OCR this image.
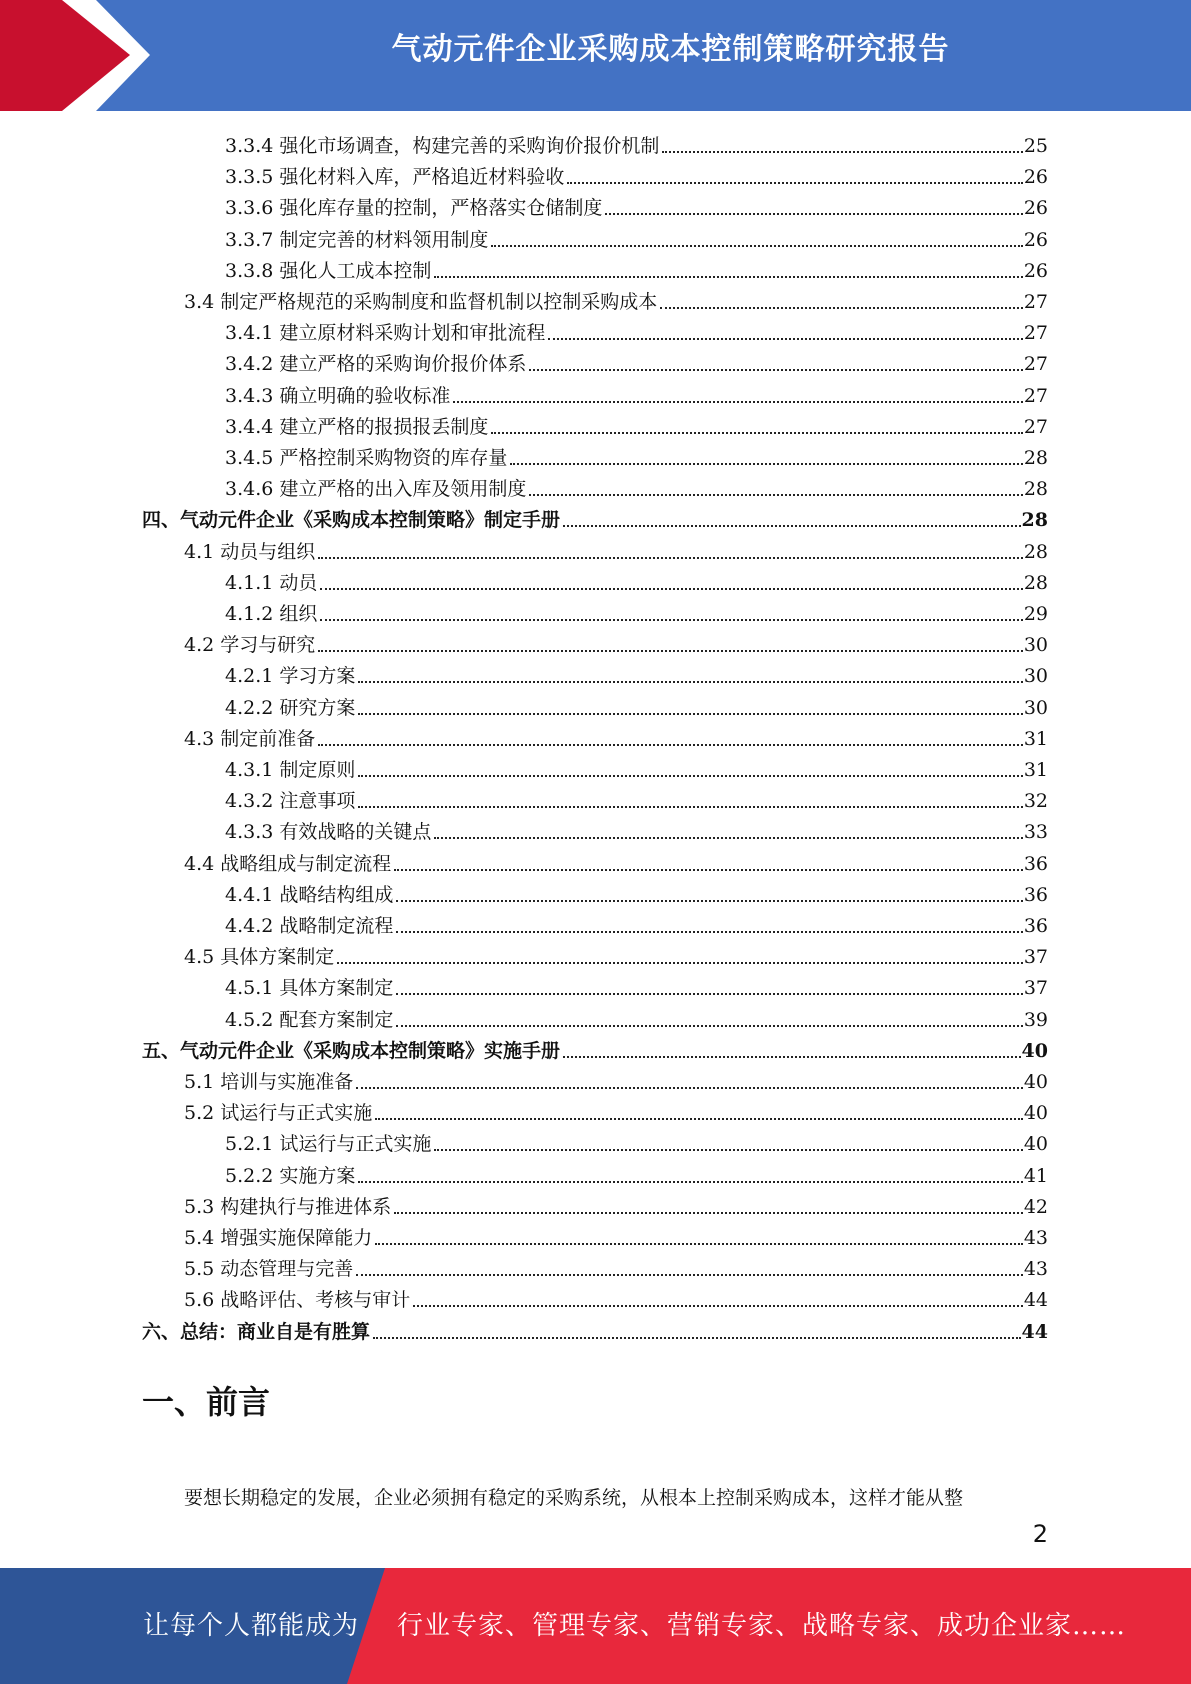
气动元件企业采购成本控制策略研究报告
3.3.4 强化市场调查，构建完善的采购询价报价机制	25
3.3.5 强化材料入库，严格追近材料验收	26
3.3.6 强化库存量的控制，严格落实仓储制度	26
3.3.7 制定完善的材料领用制度	26
3.3.8 强化人工成本控制	26
3.4 制定严格规范的采购制度和监督机制以控制采购成本	27
3.4.1 建立原材料采购计划和审批流程	27
3.4.2 建立严格的采购询价报价体系	27
3.4.3 确立明确的验收标准	27
3.4.4 建立严格的报损报丢制度	27
3.4.5 严格控制采购物资的库存量	28
3.4.6 建立严格的出入库及领用制度	28
四、气动元件企业《采购成本控制策略》制定手册	28
4.1 动员与组织	28
4.1.1 动员	28
4.1.2 组织	29
4.2 学习与研究	30
4.2.1 学习方案	30
4.2.2 研究方案	30
4.3 制定前准备	31
4.3.1 制定原则	31
4.3.2 注意事项	32
4.3.3 有效战略的关键点	33
4.4 战略组成与制定流程	36
4.4.1 战略结构组成	36
4.4.2 战略制定流程	36
4.5 具体方案制定	37
4.5.1 具体方案制定	37
4.5.2 配套方案制定	39
五、气动元件企业《采购成本控制策略》实施手册	40
5.1 培训与实施准备	40
5.2 试运行与正式实施	40
5.2.1 试运行与正式实施	40
5.2.2 实施方案	41
5.3 构建执行与推进体系	42
5.4 增强实施保障能力	43
5.5 动态管理与完善	43
5.6 战略评估、考核与审计	44
六、总结：商业自是有胜算	44
一、前言

要想长期稳定的发展，企业必须拥有稳定的采购系统，从根本上控制采购成本，这样才能从整

2
让每个人都能成为 行业专家、管理专家、营销专家、战略专家、成功企业家……
